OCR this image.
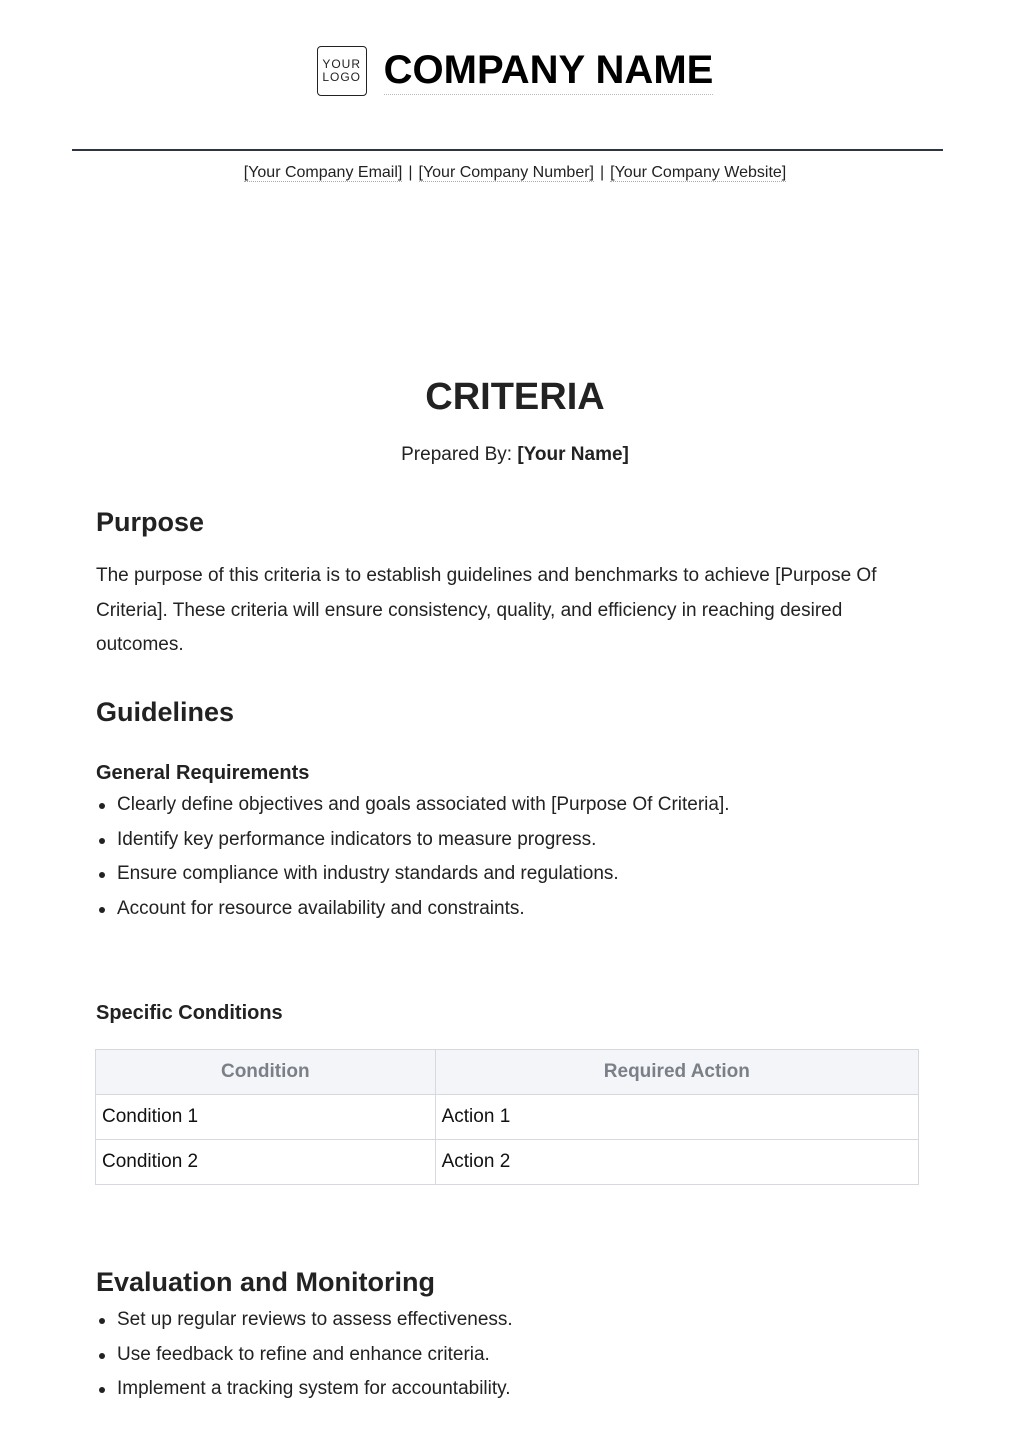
YOUR
LOGO COMPANY NAME
[Your Company Email] | [Your Company Number] | [Your Company Website]
CRITERIA
Prepared By: [Your Name]
Purpose

The purpose of this criteria is to establish guidelines and benchmarks to achieve [Purpose Of Criteria]. These criteria will ensure consistency, quality, and efficiency in reaching desired outcomes.

Guidelines
General Requirements
Clearly define objectives and goals associated with [Purpose Of Criteria].
Identify key performance indicators to measure progress.
Ensure compliance with industry standards and regulations.
Account for resource availability and constraints.
Specific Conditions
Condition	Required Action
Condition 1	Action 1
Condition 2	Action 2
Evaluation and Monitoring
Set up regular reviews to assess effectiveness.
Use feedback to refine and enhance criteria.
Implement a tracking system for accountability.
